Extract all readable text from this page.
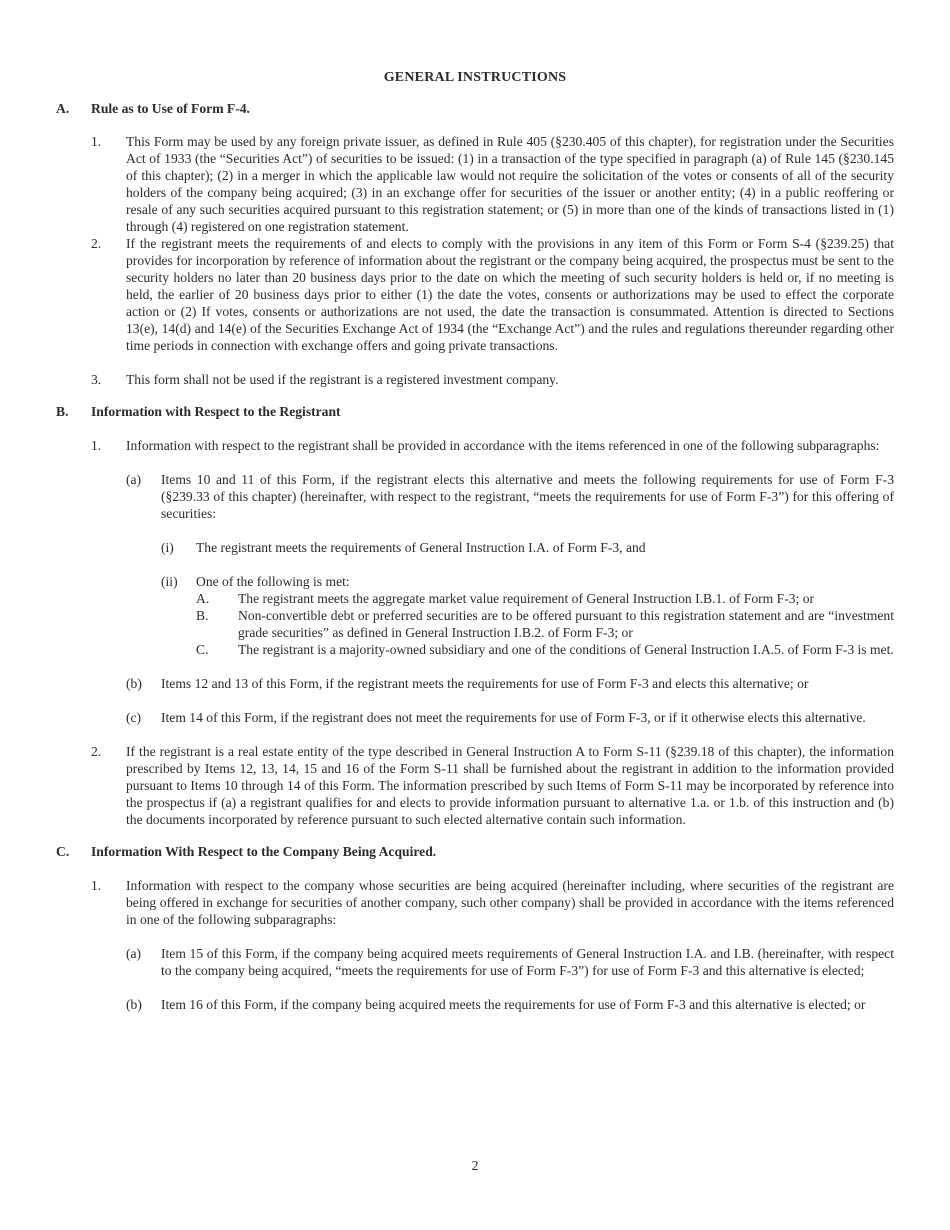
GENERAL INSTRUCTIONS
A. Rule as to Use of Form F-4.
1. This Form may be used by any foreign private issuer, as defined in Rule 405 (§230.405 of this chapter), for registration under the Securities Act of 1933 (the “Securities Act”) of securities to be issued: (1) in a transaction of the type specified in paragraph (a) of Rule 145 (§230.145 of this chapter); (2) in a merger in which the applicable law would not require the solicitation of the votes or consents of all of the security holders of the company being acquired; (3) in an exchange offer for securities of the issuer or another entity; (4) in a public reoffering or resale of any such securities acquired pursuant to this registration statement; or (5) in more than one of the kinds of transactions listed in (1) through (4) registered on one registration statement.
2. If the registrant meets the requirements of and elects to comply with the provisions in any item of this Form or Form S-4 (§239.25) that provides for incorporation by reference of information about the registrant or the company being acquired, the prospectus must be sent to the security holders no later than 20 business days prior to the date on which the meeting of such security holders is held or, if no meeting is held, the earlier of 20 business days prior to either (1) the date the votes, consents or authorizations may be used to effect the corporate action or (2) If votes, consents or authorizations are not used, the date the transaction is consummated. Attention is directed to Sections 13(e), 14(d) and 14(e) of the Securities Exchange Act of 1934 (the “Exchange Act”) and the rules and regulations thereunder regarding other time periods in connection with exchange offers and going private transactions.
3. This form shall not be used if the registrant is a registered investment company.
B. Information with Respect to the Registrant
1. Information with respect to the registrant shall be provided in accordance with the items referenced in one of the following subparagraphs:
(a) Items 10 and 11 of this Form, if the registrant elects this alternative and meets the following requirements for use of Form F-3 (§239.33 of this chapter) (hereinafter, with respect to the registrant, “meets the requirements for use of Form F-3”) for this offering of securities:
(i) The registrant meets the requirements of General Instruction I.A. of Form F-3, and
(ii) One of the following is met:
A. The registrant meets the aggregate market value requirement of General Instruction I.B.1. of Form F-3; or
B. Non-convertible debt or preferred securities are to be offered pursuant to this registration statement and are “investment grade securities” as defined in General Instruction I.B.2. of Form F-3; or
C. The registrant is a majority-owned subsidiary and one of the conditions of General Instruction I.A.5. of Form F-3 is met.
(b) Items 12 and 13 of this Form, if the registrant meets the requirements for use of Form F-3 and elects this alternative; or
(c) Item 14 of this Form, if the registrant does not meet the requirements for use of Form F-3, or if it otherwise elects this alternative.
2. If the registrant is a real estate entity of the type described in General Instruction A to Form S-11 (§239.18 of this chapter), the information prescribed by Items 12, 13, 14, 15 and 16 of the Form S-11 shall be furnished about the registrant in addition to the information provided pursuant to Items 10 through 14 of this Form. The information prescribed by such Items of Form S-11 may be incorporated by reference into the prospectus if (a) a registrant qualifies for and elects to provide information pursuant to alternative 1.a. or 1.b. of this instruction and (b) the documents incorporated by reference pursuant to such elected alternative contain such information.
C. Information With Respect to the Company Being Acquired.
1. Information with respect to the company whose securities are being acquired (hereinafter including, where securities of the registrant are being offered in exchange for securities of another company, such other company) shall be provided in accordance with the items referenced in one of the following subparagraphs:
(a) Item 15 of this Form, if the company being acquired meets requirements of General Instruction I.A. and I.B. (hereinafter, with respect to the company being acquired, “meets the requirements for use of Form F-3”) for use of Form F-3 and this alternative is elected;
(b) Item 16 of this Form, if the company being acquired meets the requirements for use of Form F-3 and this alternative is elected; or
2
